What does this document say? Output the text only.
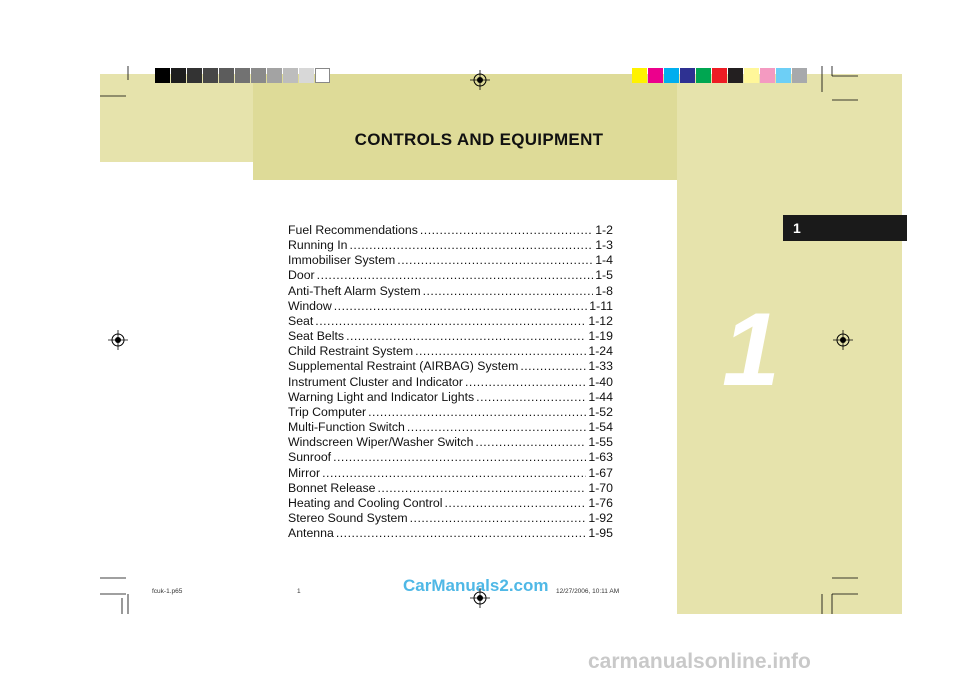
CONTROLS AND EQUIPMENT
1
1
Fuel Recommendations .....	1-2
Running In .....	1-3
Immobiliser System .....	1-4
Door .....	1-5
Anti-Theft Alarm System .....	1-8
Window .....	1-11
Seat .....	1-12
Seat Belts .....	1-19
Child Restraint System .....	1-24
Supplemental Restraint (AIRBAG) System .....	1-33
Instrument Cluster and Indicator .....	1-40
Warning Light and Indicator Lights .....	1-44
Trip Computer .....	1-52
Multi-Function Switch .....	1-54
Windscreen Wiper/Washer Switch .....	1-55
Sunroof .....	1-63
Mirror .....	1-67
Bonnet Release .....	1-70
Heating and Cooling Control .....	1-76
Stereo Sound System .....	1-92
Antenna .....	1-95
fcuk-1.p65	1	12/27/2006, 10:11 AM
CarManuals2.com
carmanualsonline.info
